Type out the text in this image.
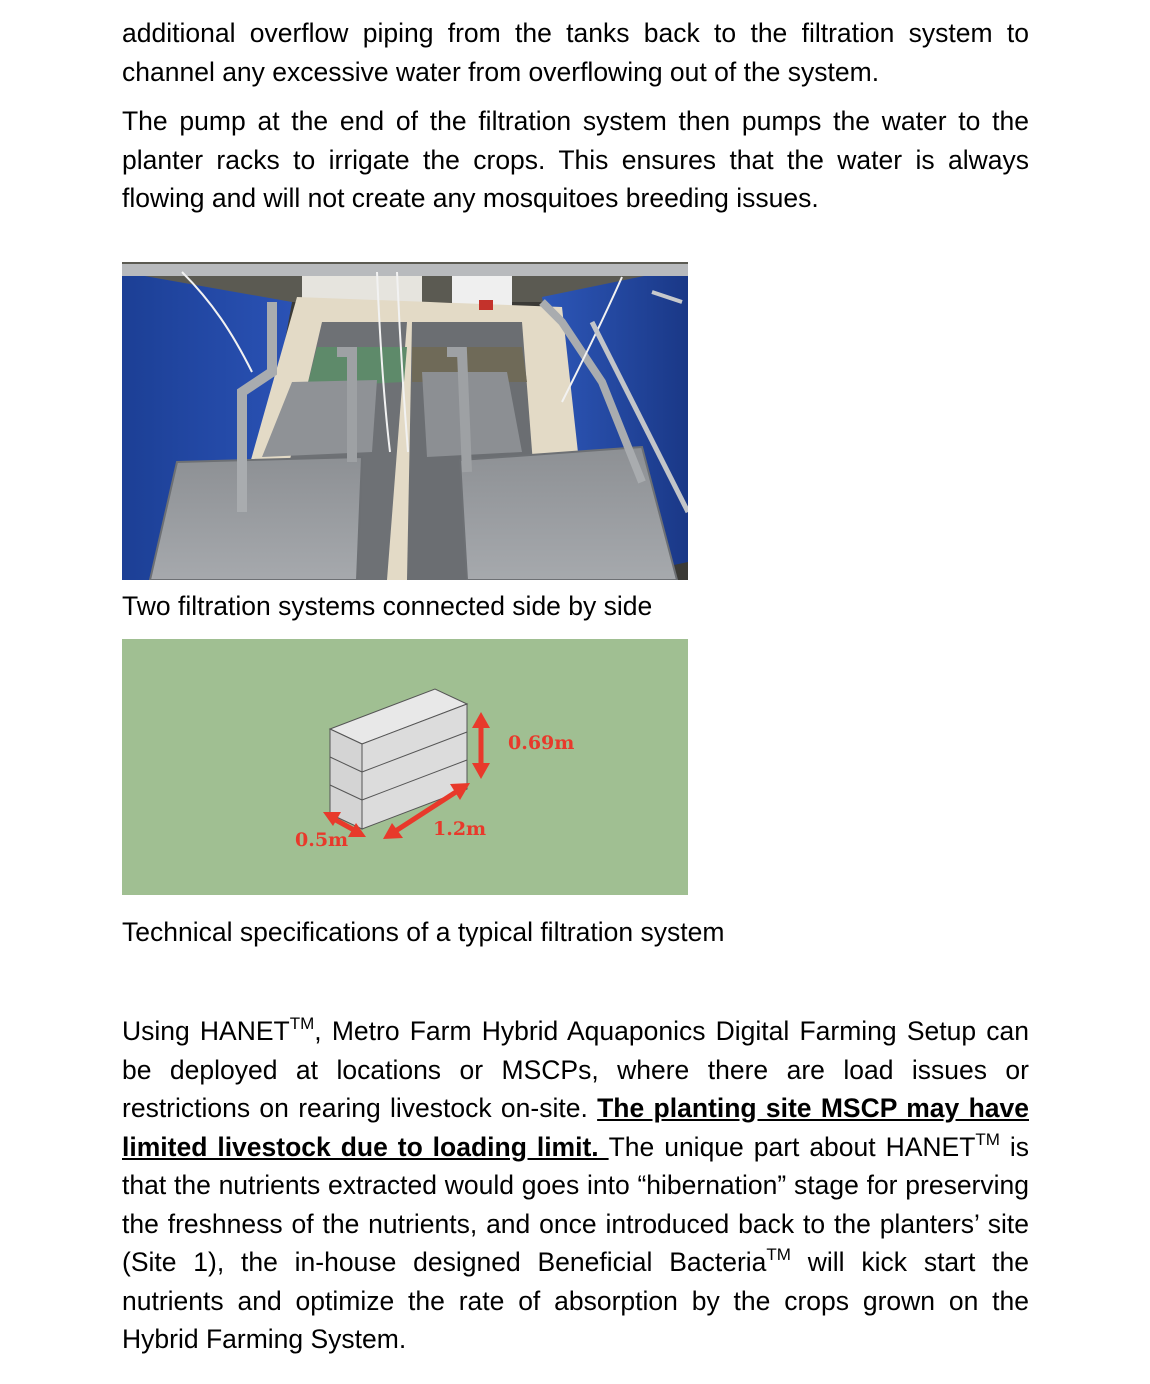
additional overflow piping from the tanks back to the filtration system to channel any excessive water from overflowing out of the system.

The pump at the end of the filtration system then pumps the water to the planter racks to irrigate the crops. This ensures that the water is always flowing and will not create any mosquitoes breeding issues.

Two filtration systems connected side by side

0.69m
1.2m
0.5m

Technical specifications of a typical filtration system

Using HANET™, Metro Farm Hybrid Aquaponics Digital Farming Setup can be deployed at locations or MSCPs, where there are load issues or restrictions on rearing livestock on-site. The planting site MSCP may have limited livestock due to loading limit. The unique part about HANET™ is that the nutrients extracted would goes into “hibernation” stage for preserving the freshness of the nutrients, and once introduced back to the planters’ site (Site 1), the in-house designed Beneficial Bacteria™ will kick start the nutrients and optimize the rate of absorption by the crops grown on the Hybrid Farming System.
